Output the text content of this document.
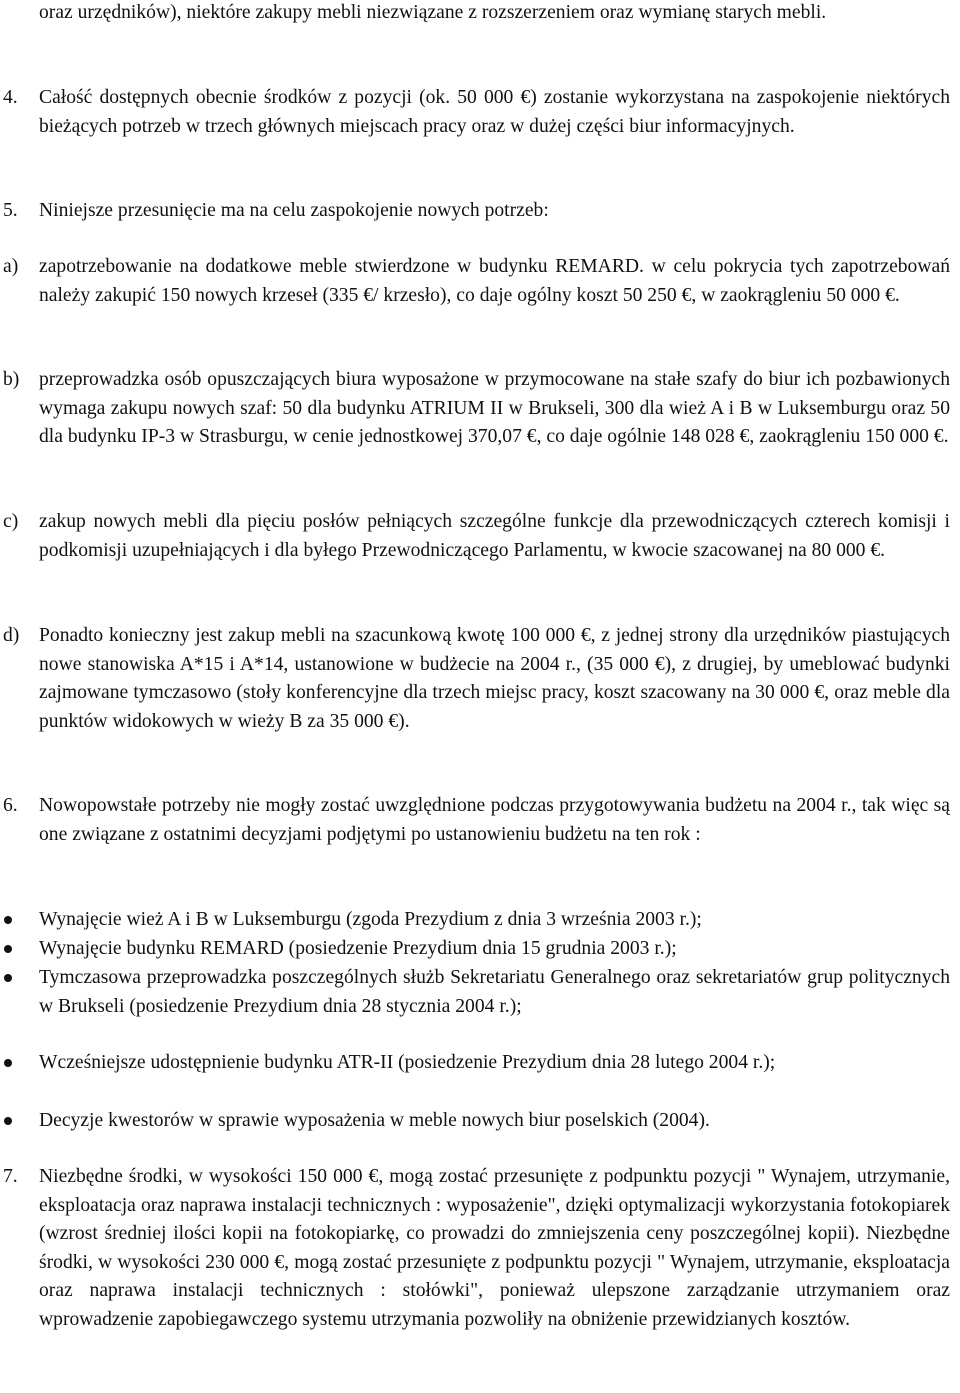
oraz urzędników), niektóre zakupy mebli niezwiązane z rozszerzeniem oraz wymianę starych mebli.
4. Całość dostępnych obecnie środków z pozycji (ok. 50 000 €) zostanie wykorzystana na zaspokojenie niektórych bieżących potrzeb w trzech głównych miejscach pracy oraz w dużej części biur informacyjnych.
5. Niniejsze przesunięcie ma na celu zaspokojenie nowych potrzeb:
a) zapotrzebowanie na dodatkowe meble stwierdzone w budynku REMARD. w celu pokrycia tych zapotrzebowań należy zakupić 150 nowych krzeseł (335 €/ krzesło), co daje ogólny koszt 50 250 €, w zaokrągleniu 50 000 €.
b) przeprowadzka osób opuszczających biura wyposażone w przymocowane na stałe szafy do biur ich pozbawionych wymaga zakupu nowych szaf: 50 dla budynku ATRIUM II w Brukseli, 300 dla wież A i B w Luksemburgu oraz 50 dla budynku IP-3 w Strasburgu, w cenie jednostkowej 370,07 €, co daje ogólnie 148 028 €, zaokrągleniu 150 000 €.
c) zakup nowych mebli dla pięciu posłów pełniących szczególne funkcje dla przewodniczących czterech komisji i podkomisji uzupełniających i dla byłego Przewodniczącego Parlamentu, w kwocie szacowanej na 80 000 €.
d) Ponadto konieczny jest zakup mebli na szacunkową kwotę 100 000 €, z jednej strony dla urzędników piastujących nowe stanowiska A*15 i A*14, ustanowione w budżecie na 2004 r., (35 000 €), z drugiej, by umeblować budynki zajmowane tymczasowo (stoły konferencyjne dla trzech miejsc pracy, koszt szacowany na 30 000 €, oraz meble dla punktów widokowych w wieży B za 35 000 €).
6. Nowopowstałe potrzeby nie mogły zostać uwzględnione podczas przygotowywania budżetu na 2004 r., tak więc są one związane z ostatnimi decyzjami podjętymi po ustanowieniu budżetu na ten rok :
Wynajęcie wież A i B w Luksemburgu (zgoda Prezydium z dnia 3 września 2003 r.);
Wynajęcie budynku REMARD (posiedzenie Prezydium dnia 15 grudnia 2003 r.);
Tymczasowa przeprowadzka poszczególnych służb Sekretariatu Generalnego oraz sekretariatów grup politycznych w Brukseli (posiedzenie Prezydium dnia 28 stycznia 2004 r.);
Wcześniejsze udostępnienie budynku ATR-II (posiedzenie Prezydium dnia 28 lutego 2004 r.);
Decyzje kwestorów w sprawie wyposażenia w meble nowych biur poselskich (2004).
7. Niezbędne środki, w wysokości 150 000 €, mogą zostać przesunięte z podpunktu pozycji " Wynajem, utrzymanie, eksploatacja oraz naprawa instalacji technicznych : wyposażenie", dzięki optymalizacji wykorzystania fotokopiarek (wzrost średniej ilości kopii na fotokopiarkę, co prowadzi do zmniejszenia ceny poszczególnej kopii). Niezbędne środki, w wysokości 230 000 €, mogą zostać przesunięte z podpunktu pozycji " Wynajem, utrzymanie, eksploatacja oraz naprawa instalacji technicznych : stołówki", ponieważ ulepszone zarządzanie utrzymaniem oraz wprowadzenie zapobiegawczego systemu utrzymania pozwoliły na obniżenie przewidzianych kosztów.
